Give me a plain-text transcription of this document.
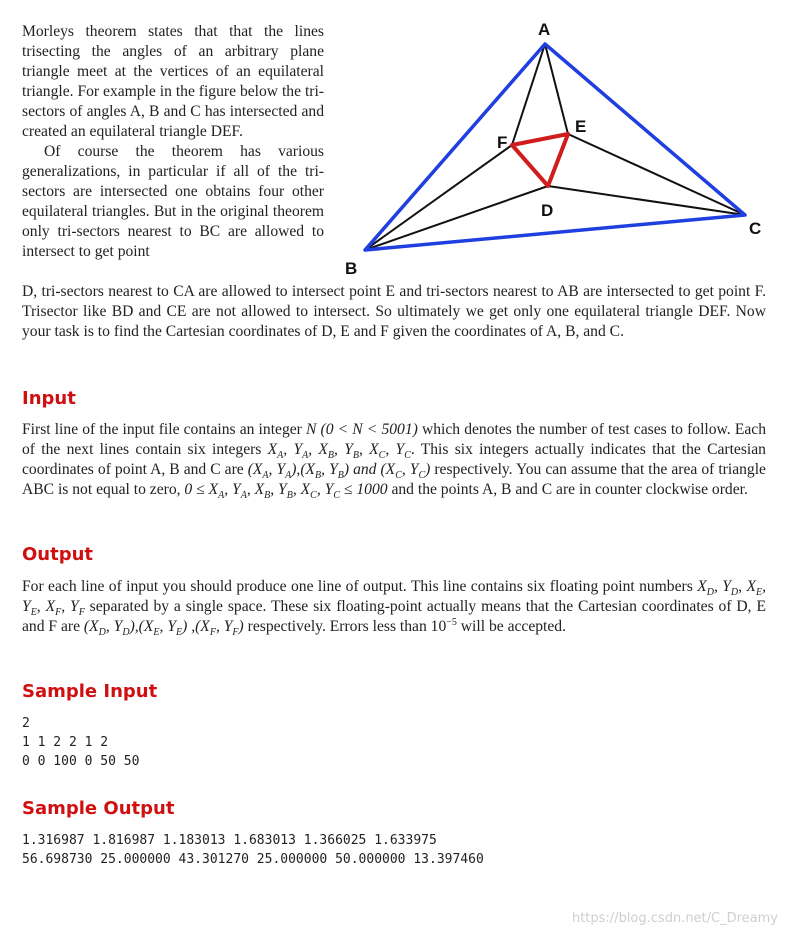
Morleys theorem states that that the lines trisecting the angles of an arbitrary plane triangle meet at the vertices of an equilateral triangle. For example in the figure below the tri-sectors of angles A, B and C has intersected and created an equilateral triangle DEF.

Of course the theorem has various generalizations, in particular if all of the tri-sectors are intersected one obtains four other equilateral triangles. But in the original theorem only tri-sectors nearest to BC are allowed to intersect to get point

A
B
C
D
E
F

D, tri-sectors nearest to CA are allowed to intersect point E and tri-sectors nearest to AB are intersected to get point F. Trisector like BD and CE are not allowed to intersect. So ultimately we get only one equilateral triangle DEF. Now your task is to find the Cartesian coordinates of D, E and F given the coordinates of A, B, and C.

Input

First line of the input file contains an integer N (0 < N < 5001) which denotes the number of test cases to follow. Each of the next lines contain six integers $X_A$, $Y_A$, $X_B$, $Y_B$, $X_C$, $Y_C$. This six integers actually indicates that the Cartesian coordinates of point A, B and C are ($X_A$, $Y_A),(X_B$, $Y_B$) and ($X_C$, $Y_C$) respectively. You can assume that the area of triangle ABC is not equal to zero, $0 \le X_A$, $Y_A$, $X_B$, $Y_B$, $X_C$, $Y_C \le 1000$ and the points A, B and C are in counter clockwise order.

Output

For each line of input you should produce one line of output. This line contains six floating point numbers $X_D$, $Y_D$, $X_E$, $Y_E$, $X_F$, $Y_F$ separated by a single space. These six floating-point actually means that the Cartesian coordinates of D, E and F are ($X_D$, $Y_D),(X_E$, $Y_E$) $,(X_F$, $Y_F$) respectively. Errors less than $10^{-5}$ will be accepted.

Sample Input
2
1 1 2 2 1 2
0 0 100 0 50 50
Sample Output
1.316987 1.816987 1.183013 1.683013 1.366025 1.633975
56.698730 25.000000 43.301270 25.000000 50.000000 13.397460
https://blog.csdn.net/C_Dreamy
